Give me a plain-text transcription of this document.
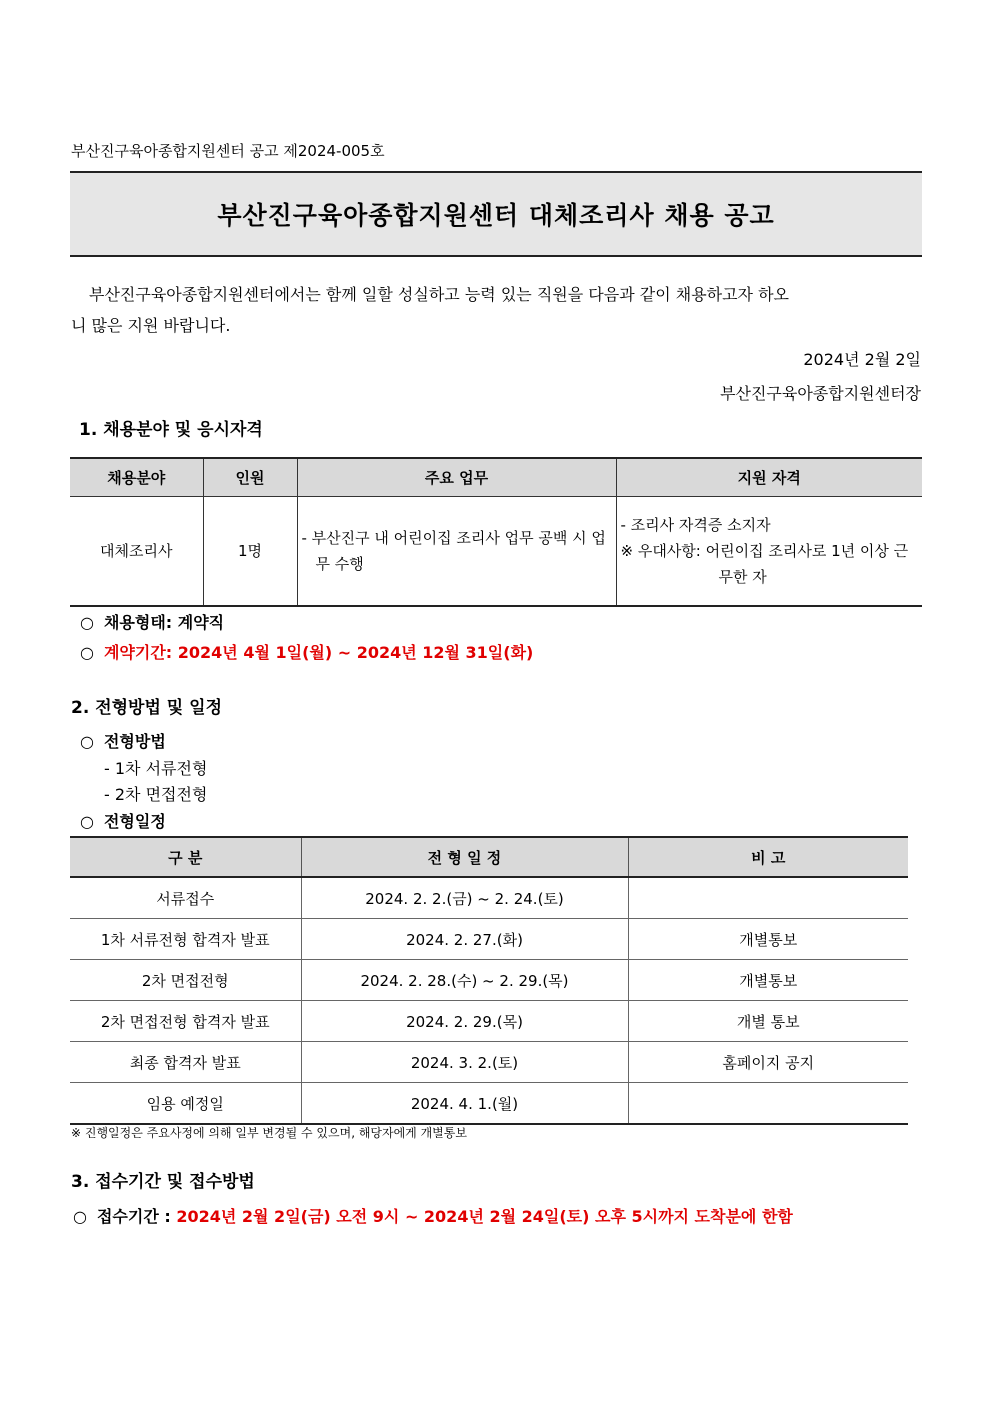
부산진구육아종합지원센터 공고 제2024-005호
부산진구육아종합지원센터 대체조리사 채용 공고
부산진구육아종합지원센터에서는 함께 일할 성실하고 능력 있는 직원을 다음과 같이 채용하고자 하오
니 많은 지원 바랍니다.
2024년 2월 2일
부산진구육아종합지원센터장
1. 채용분야 및 응시자격
채용분야	인원	주요 업무	지원 자격
대체조리사	1명	- 부산진구 내 어린이집 조리사 업무 공백 시 업무 수행	- 조리사 자격증 소지자
※ 우대사항: 어린이집 조리사로 1년 이상 근무한 자
○ 채용형태: 계약직
○ 계약기간: 2024년 4월 1일(월) ~ 2024년 12월 31일(화)
2. 전형방법 및 일정
○ 전형방법
- 1차 서류전형
- 2차 면접전형
○ 전형일정
구 분	전 형 일 정	비 고
서류접수	2024. 2. 2.(금) ~ 2. 24.(토)	
1차 서류전형 합격자 발표	2024. 2. 27.(화)	개별통보
2차 면접전형	2024. 2. 28.(수) ~ 2. 29.(목)	개별통보
2차 면접전형 합격자 발표	2024. 2. 29.(목)	개별 통보
최종 합격자 발표	2024. 3. 2.(토)	홈페이지 공지
임용 예정일	2024. 4. 1.(월)	
※ 진행일정은 주요사정에 의해 일부 변경될 수 있으며, 해당자에게 개별통보
3. 접수기간 및 접수방법
○ 접수기간 : 2024년 2월 2일(금) 오전 9시 ~ 2024년 2월 24일(토) 오후 5시까지 도착분에 한함
